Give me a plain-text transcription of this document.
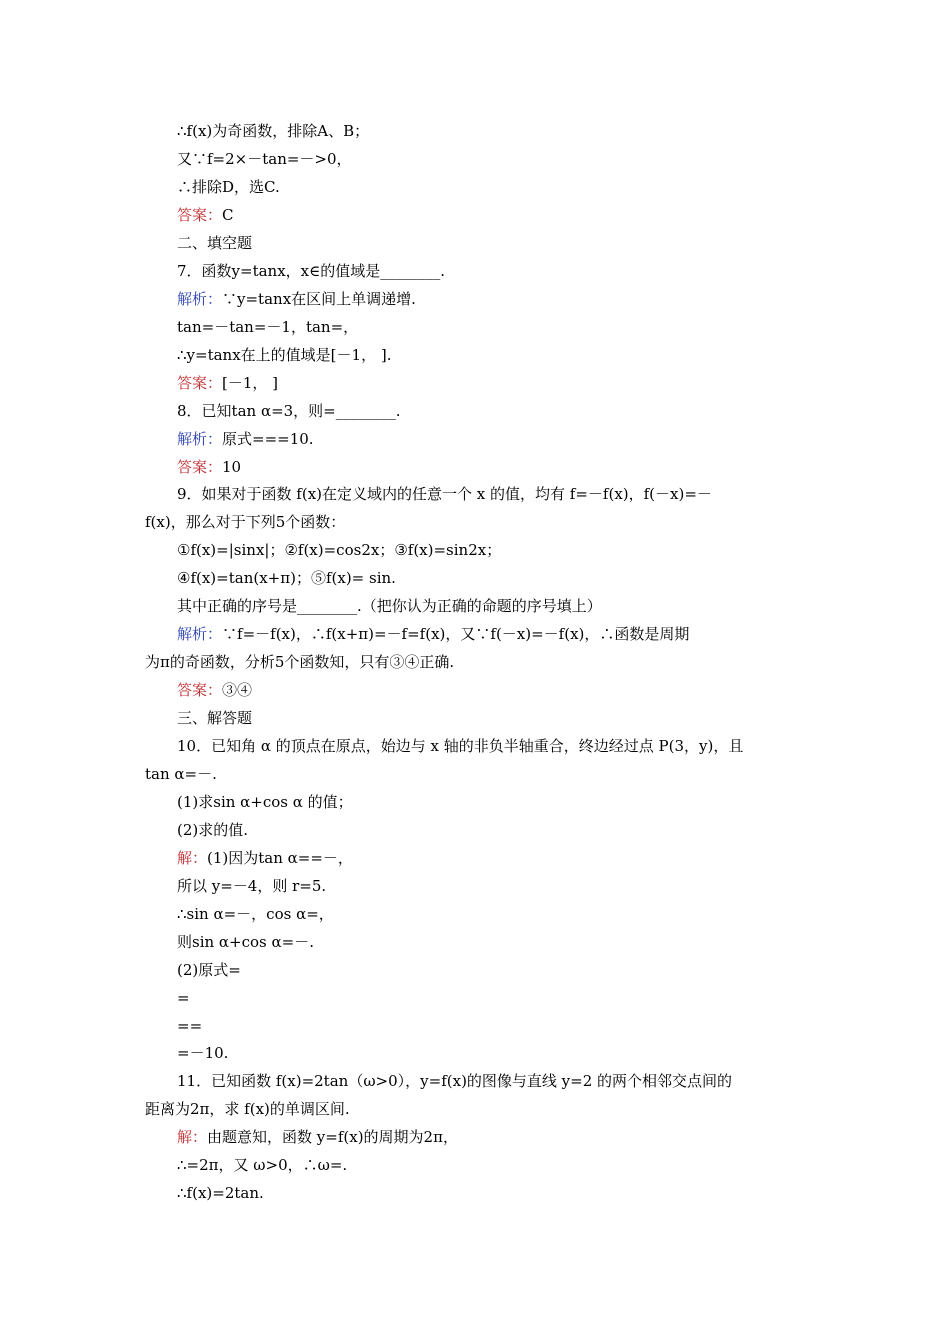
∴f(x)为奇函数，排除A、B；
又∵f=2×－tan=－>0，
∴排除D，选C.
答案：C
二、填空题
7．函数y=tanx，x∈的值域是________.
解析：∵y=tanx在区间上单调递增.
tan=－tan=－1，tan=，
∴y=tanx在上的值域是[－1， ].
答案：[－1， ]
8．已知tan α=3，则=________.
解析：原式===10.
答案：10
9．如果对于函数 f(x)在定义域内的任意一个 x 的值，均有 f=－f(x)，f(－x)=－
f(x)，那么对于下列5个函数：
①f(x)=|sinx|；②f(x)=cos2x；③f(x)=sin2x；
④f(x)=tan(x+π)；⑤f(x)= sin.
其中正确的序号是________.（把你认为正确的命题的序号填上）
解析：∵f=－f(x)，∴f(x+π)=－f=f(x)，又∵f(－x)=－f(x)，∴函数是周期
为π的奇函数，分析5个函数知，只有③④正确.
答案：③④
三、解答题
10．已知角 α 的顶点在原点，始边与 x 轴的非负半轴重合，终边经过点 P(3，y)，且
tan α=－.
(1)求sin α+cos α 的值；
(2)求的值.
解：(1)因为tan α==－，
所以 y=－4，则 r=5.
∴sin α=－，cos α=，
则sin α+cos α=－.
(2)原式=
=
==
=－10.
11．已知函数 f(x)=2tan（ω>0），y=f(x)的图像与直线 y=2 的两个相邻交点间的
距离为2π，求 f(x)的单调区间.
解：由题意知，函数 y=f(x)的周期为2π，
∴=2π，又 ω>0，∴ω=.
∴f(x)=2tan.
